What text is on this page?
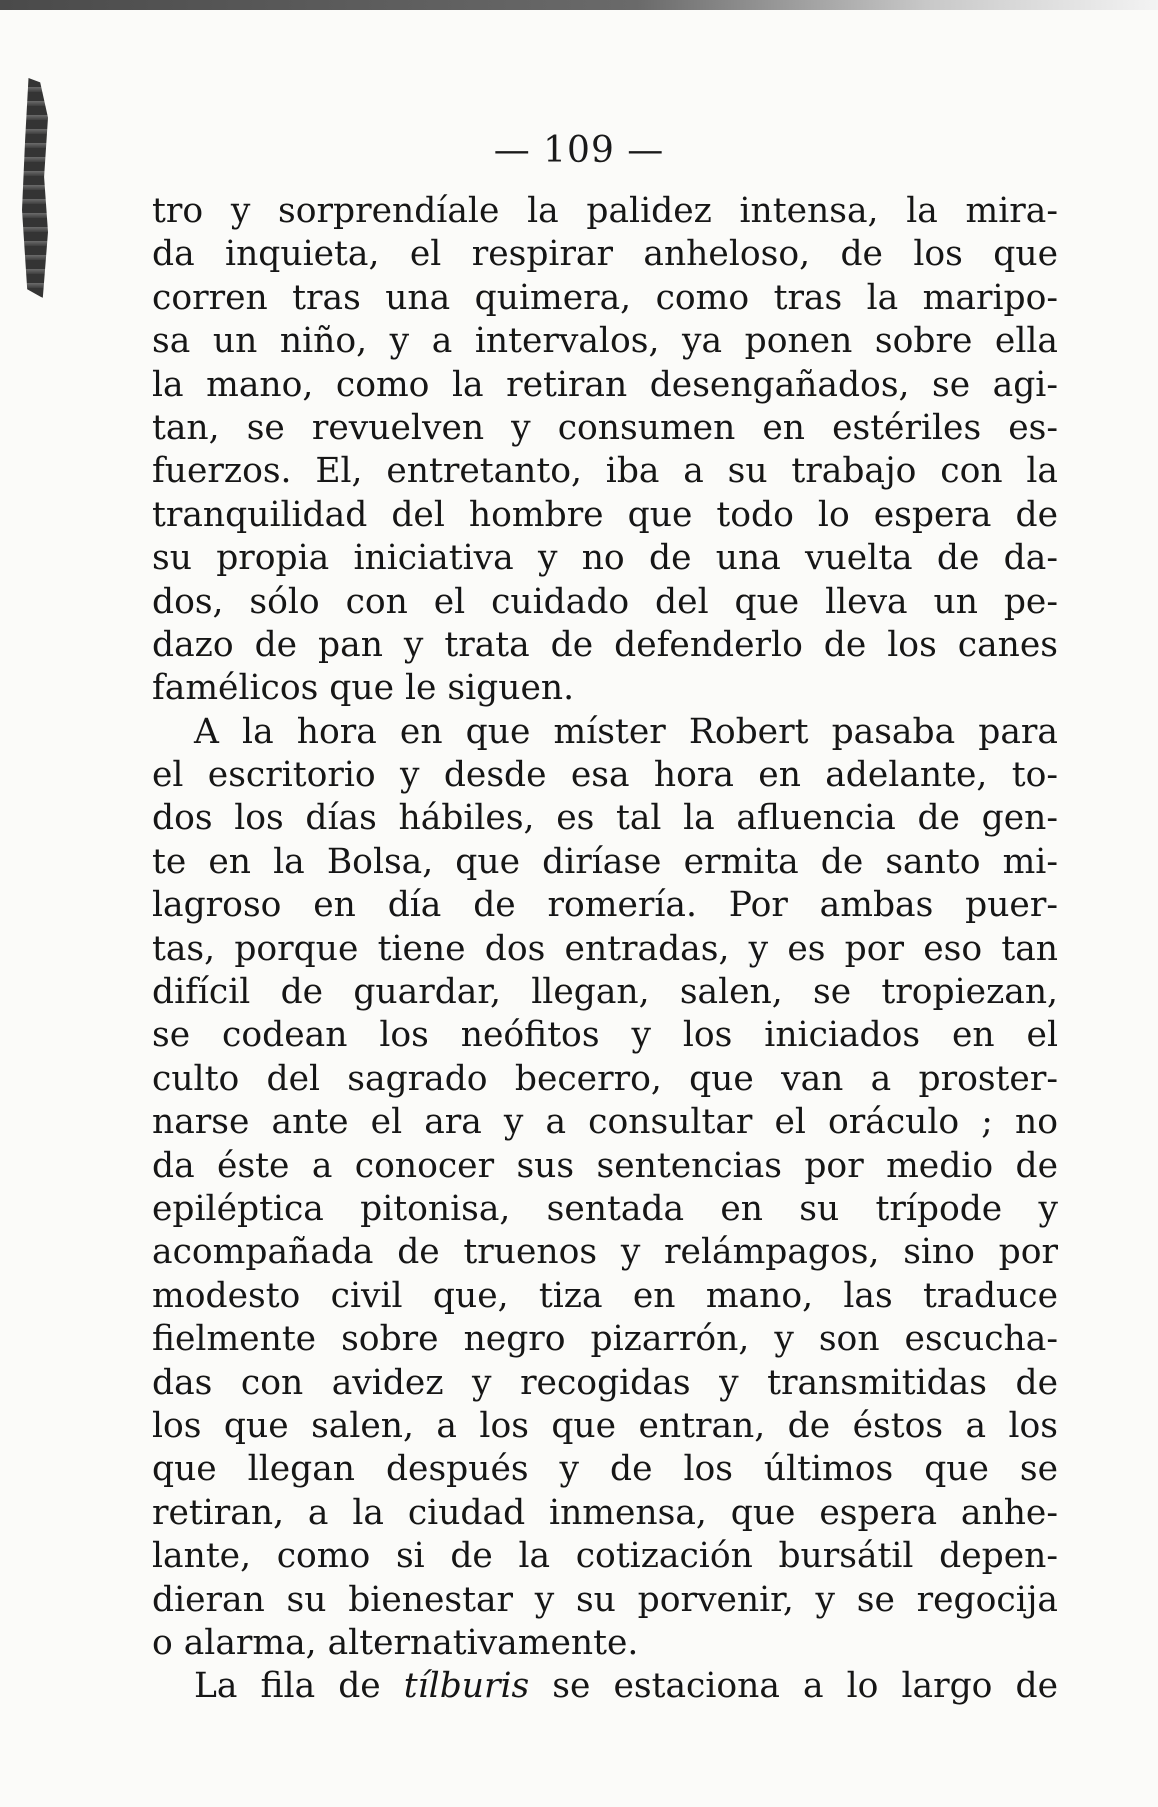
— 109 —
tro y sorprendíale la palidez intensa, la mira-
da inquieta, el respirar anheloso, de los que
corren tras una quimera, como tras la maripo-
sa un niño, y a intervalos, ya ponen sobre ella
la mano, como la retiran desengañados, se agi-
tan, se revuelven y consumen en estériles es-
fuerzos. El, entretanto, iba a su trabajo con la
tranquilidad del hombre que todo lo espera de
su propia iniciativa y no de una vuelta de da-
dos, sólo con el cuidado del que lleva un pe-
dazo de pan y trata de defenderlo de los canes
famélicos que le siguen.
A la hora en que míster Robert pasaba para
el escritorio y desde esa hora en adelante, to-
dos los días hábiles, es tal la afluencia de gen-
te en la Bolsa, que diríase ermita de santo mi-
lagroso en día de romería. Por ambas puer-
tas, porque tiene dos entradas, y es por eso tan
difícil de guardar, llegan, salen, se tropiezan,
se codean los neófitos y los iniciados en el
culto del sagrado becerro, que van a proster-
narse ante el ara y a consultar el oráculo ; no
da éste a conocer sus sentencias por medio de
epiléptica pitonisa, sentada en su trípode y
acompañada de truenos y relámpagos, sino por
modesto civil que, tiza en mano, las traduce
fielmente sobre negro pizarrón, y son escucha-
das con avidez y recogidas y transmitidas de
los que salen, a los que entran, de éstos a los
que llegan después y de los últimos que se
retiran, a la ciudad inmensa, que espera anhe-
lante, como si de la cotización bursátil depen-
dieran su bienestar y su porvenir, y se regocija
o alarma, alternativamente.
La fila de tílburis se estaciona a lo largo de
